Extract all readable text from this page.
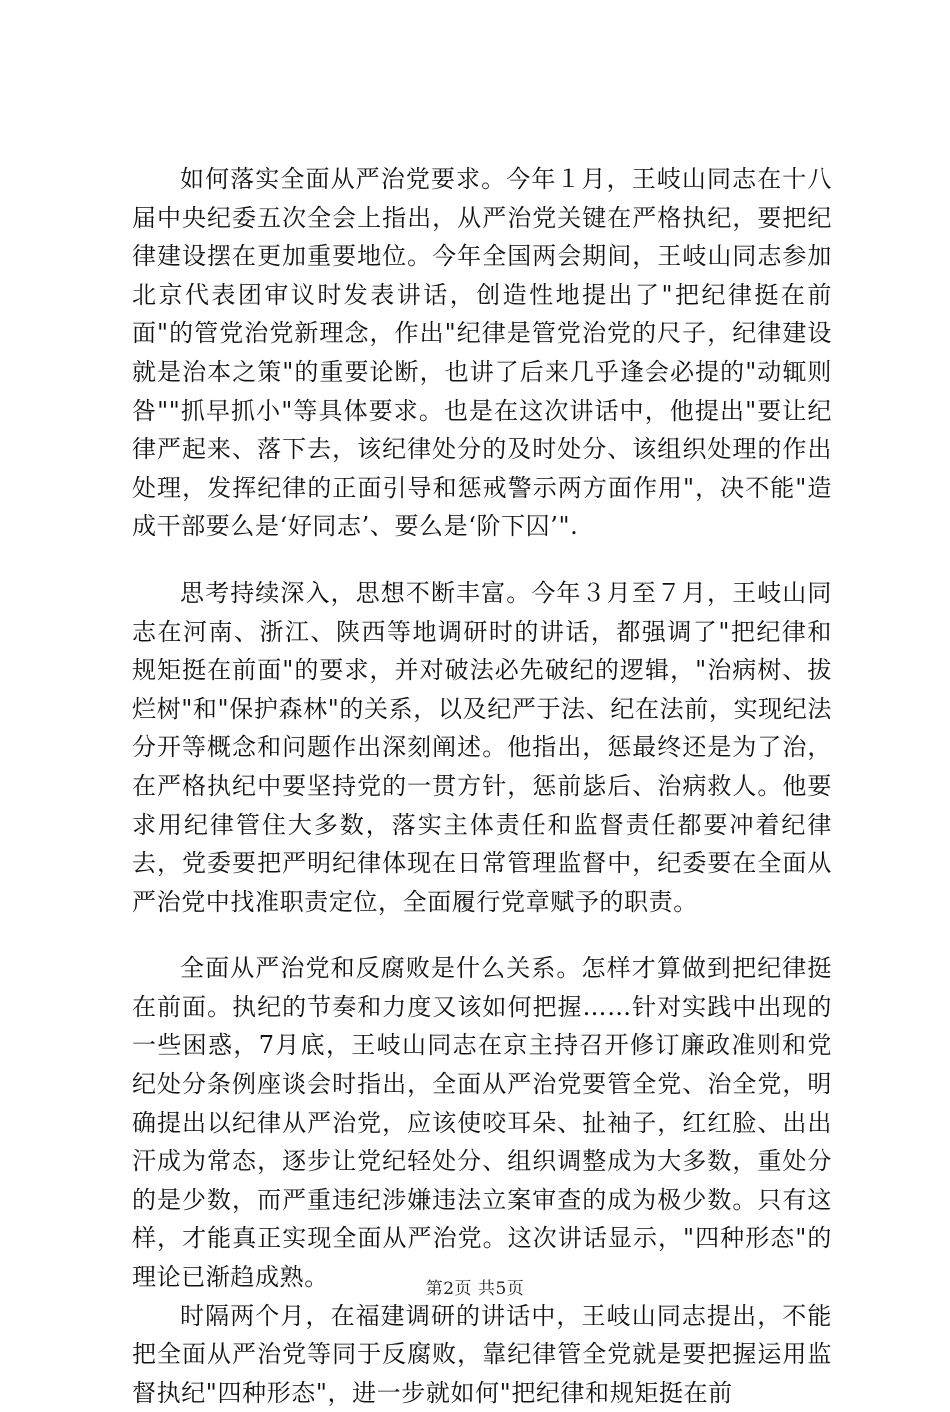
如何落实全面从严治党要求。今年１月，王岐山同志在十八届中央纪委五次全会上指出，从严治党关键在严格执纪，要把纪律建设摆在更加重要地位。今年全国两会期间，王岐山同志参加北京代表团审议时发表讲话，创造性地提出了"把纪律挺在前面"的管党治党新理念，作出"纪律是管党治党的尺子，纪律建设就是治本之策"的重要论断，也讲了后来几乎逢会必提的"动辄则咎""抓早抓小"等具体要求。也是在这次讲话中，他提出"要让纪律严起来、落下去，该纪律处分的及时处分、该组织处理的作出处理，发挥纪律的正面引导和惩戒警示两方面作用"，决不能"造成干部要么是‘好同志’、要么是‘阶下囚’".

思考持续深入，思想不断丰富。今年３月至７月，王岐山同志在河南、浙江、陕西等地调研时的讲话，都强调了"把纪律和规矩挺在前面"的要求，并对破法必先破纪的逻辑，"治病树、拔烂树"和"保护森林"的关系，以及纪严于法、纪在法前，实现纪法分开等概念和问题作出深刻阐述。他指出，惩最终还是为了治，在严格执纪中要坚持党的一贯方针，惩前毖后、治病救人。他要求用纪律管住大多数，落实主体责任和监督责任都要冲着纪律去，党委要把严明纪律体现在日常管理监督中，纪委要在全面从严治党中找准职责定位，全面履行党章赋予的职责。

全面从严治党和反腐败是什么关系。怎样才算做到把纪律挺在前面。执纪的节奏和力度又该如何把握……针对实践中出现的一些困惑，7月底，王岐山同志在京主持召开修订廉政准则和党纪处分条例座谈会时指出，全面从严治党要管全党、治全党，明确提出以纪律从严治党，应该使咬耳朵、扯袖子，红红脸、出出汗成为常态，逐步让党纪轻处分、组织调整成为大多数，重处分的是少数，而严重违纪涉嫌违法立案审查的成为极少数。只有这样，才能真正实现全面从严治党。这次讲话显示，"四种形态"的理论已渐趋成熟。

时隔两个月，在福建调研的讲话中，王岐山同志提出，不能把全面从严治党等同于反腐败，靠纪律管全党就是要把握运用监督执纪"四种形态"，进一步就如何"把纪律和规矩挺在前

第2页 共5页
